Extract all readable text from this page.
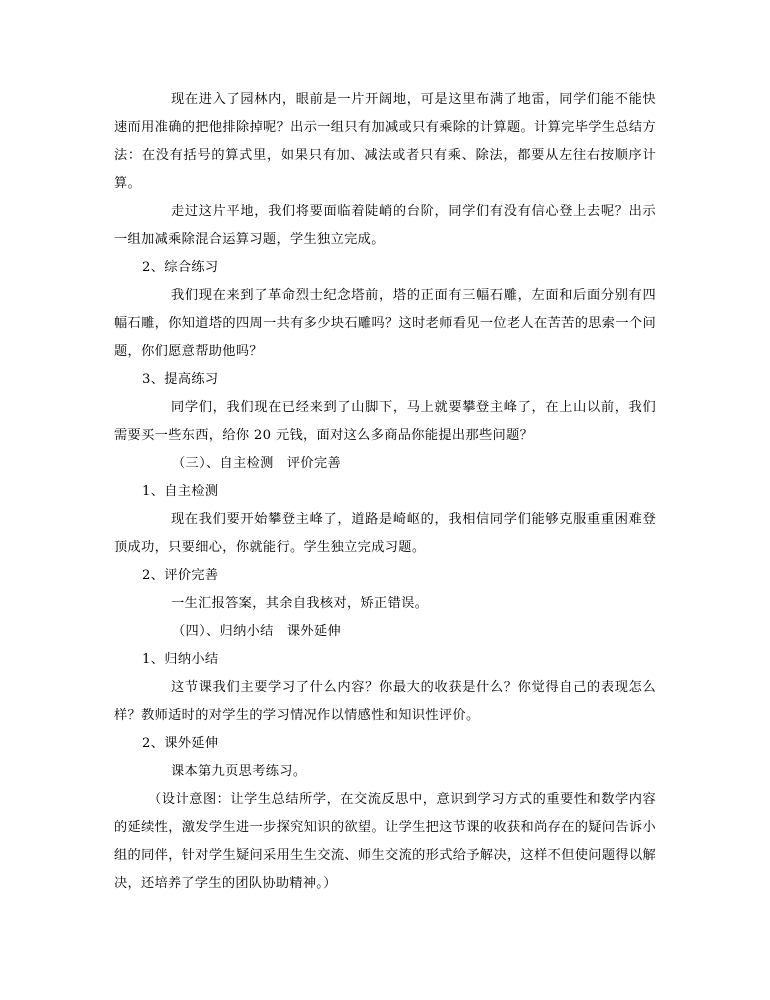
现在进入了园林内，眼前是一片开阔地，可是这里布满了地雷，同学们能不能快速而用准确的把他排除掉呢？出示一组只有加减或只有乘除的计算题。计算完毕学生总结方法：在没有括号的算式里，如果只有加、减法或者只有乘、除法，都要从左往右按顺序计算。

走过这片平地，我们将要面临着陡峭的台阶，同学们有没有信心登上去呢？出示一组加减乘除混合运算习题，学生独立完成。

2、综合练习

我们现在来到了革命烈士纪念塔前，塔的正面有三幅石雕，左面和后面分别有四幅石雕，你知道塔的四周一共有多少块石雕吗？这时老师看见一位老人在苦苦的思索一个问题，你们愿意帮助他吗？

3、提高练习

同学们，我们现在已经来到了山脚下，马上就要攀登主峰了，在上山以前，我们需要买一些东西，给你 20 元钱，面对这么多商品你能提出那些问题？

（三）、自主检测 评价完善

1、自主检测

现在我们要开始攀登主峰了，道路是崎岖的，我相信同学们能够克服重重困难登顶成功，只要细心，你就能行。学生独立完成习题。

2、评价完善

一生汇报答案，其余自我核对，矫正错误。

（四）、归纳小结 课外延伸

1、归纳小结

这节课我们主要学习了什么内容？你最大的收获是什么？你觉得自己的表现怎么样？教师适时的对学生的学习情况作以情感性和知识性评价。

2、课外延伸

课本第九页思考练习。

（设计意图：让学生总结所学，在交流反思中，意识到学习方式的重要性和数学内容的延续性，激发学生进一步探究知识的欲望。让学生把这节课的收获和尚存在的疑问告诉小组的同伴，针对学生疑问采用生生交流、师生交流的形式给予解决，这样不但使问题得以解决，还培养了学生的团队协助精神。）
